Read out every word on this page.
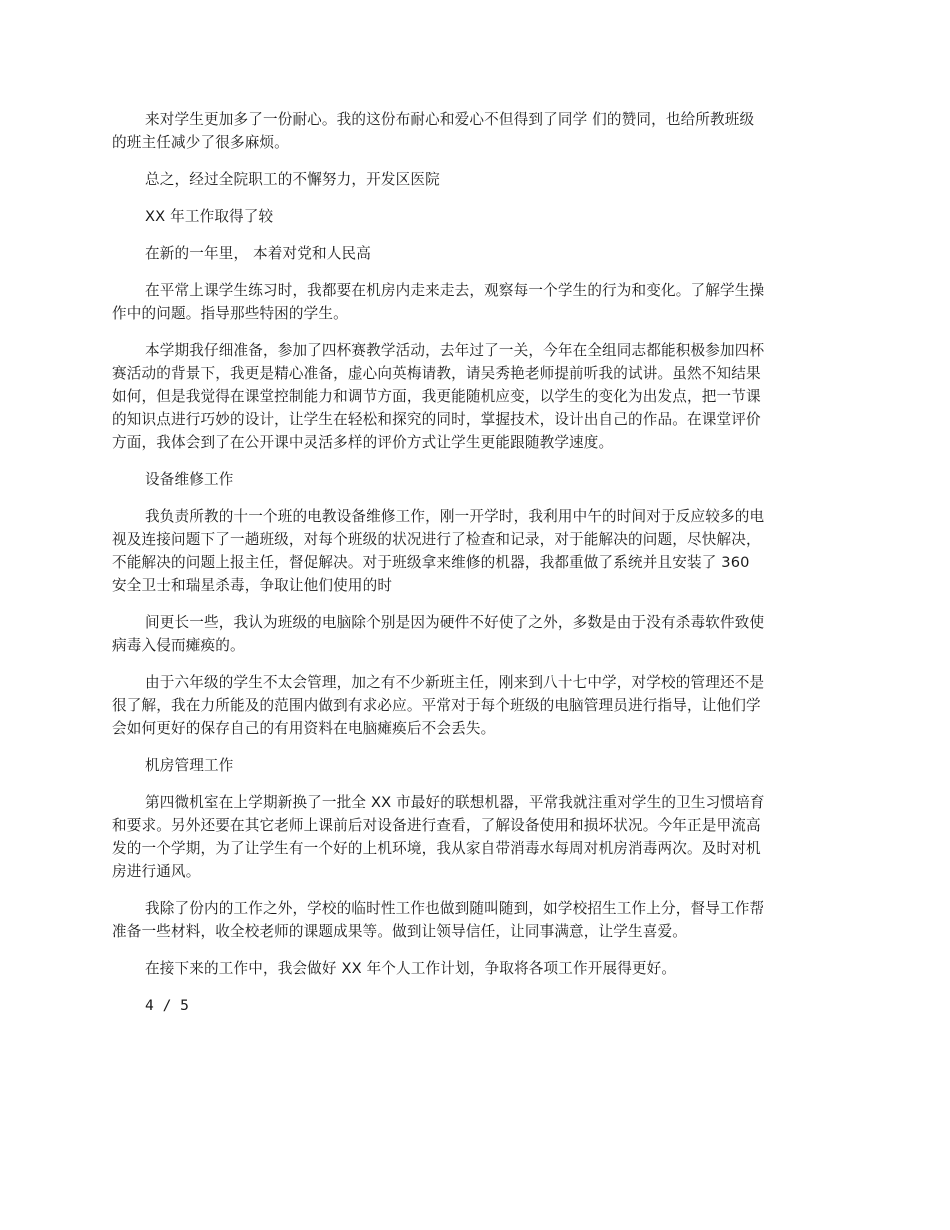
来对学生更加多了一份耐心。我的这份布耐心和爱心不但得到了同学 们的赞同，也给所教班级
的班主任减少了很多麻烦。

总之，经过全院职工的不懈努力，开发区医院

XX 年工作取得了较

在新的一年里， 本着对党和人民高

在平常上课学生练习时，我都要在机房内走来走去，观察每一个学生的行为和变化。了解学生操
作中的问题。指导那些特困的学生。

本学期我仔细准备，参加了四杯赛教学活动，去年过了一关，今年在全组同志都能积极参加四杯
赛活动的背景下，我更是精心准备，虚心向英梅请教，请吴秀艳老师提前听我的试讲。虽然不知结果
如何，但是我觉得在课堂控制能力和调节方面，我更能随机应变，以学生的变化为出发点，把一节课
的知识点进行巧妙的设计，让学生在轻松和探究的同时，掌握技术，设计出自己的作品。在课堂评价
方面，我体会到了在公开课中灵活多样的评价方式让学生更能跟随教学速度。

设备维修工作

我负责所教的十一个班的电教设备维修工作，刚一开学时，我利用中午的时间对于反应较多的电
视及连接问题下了一趟班级，对每个班级的状况进行了检查和记录，对于能解决的问题，尽快解决，
不能解决的问题上报主任，督促解决。对于班级拿来维修的机器，我都重做了系统并且安装了 360
安全卫士和瑞星杀毒，争取让他们使用的时

间更长一些，我认为班级的电脑除个别是因为硬件不好使了之外，多数是由于没有杀毒软件致使
病毒入侵而瘫痪的。

由于六年级的学生不太会管理，加之有不少新班主任，刚来到八十七中学，对学校的管理还不是
很了解，我在力所能及的范围内做到有求必应。平常对于每个班级的电脑管理员进行指导，让他们学
会如何更好的保存自己的有用资料在电脑瘫痪后不会丢失。

机房管理工作

第四微机室在上学期新换了一批全 XX 市最好的联想机器，平常我就注重对学生的卫生习惯培育
和要求。另外还要在其它老师上课前后对设备进行查看，了解设备使用和损坏状况。今年正是甲流高
发的一个学期，为了让学生有一个好的上机环境，我从家自带消毒水每周对机房消毒两次。及时对机
房进行通风。

我除了份内的工作之外，学校的临时性工作也做到随叫随到，如学校招生工作上分，督导工作帮
准备一些材料，收全校老师的课题成果等。做到让领导信任，让同事满意，让学生喜爱。

在接下来的工作中，我会做好 XX 年个人工作计划，争取将各项工作开展得更好。

4 / 5
